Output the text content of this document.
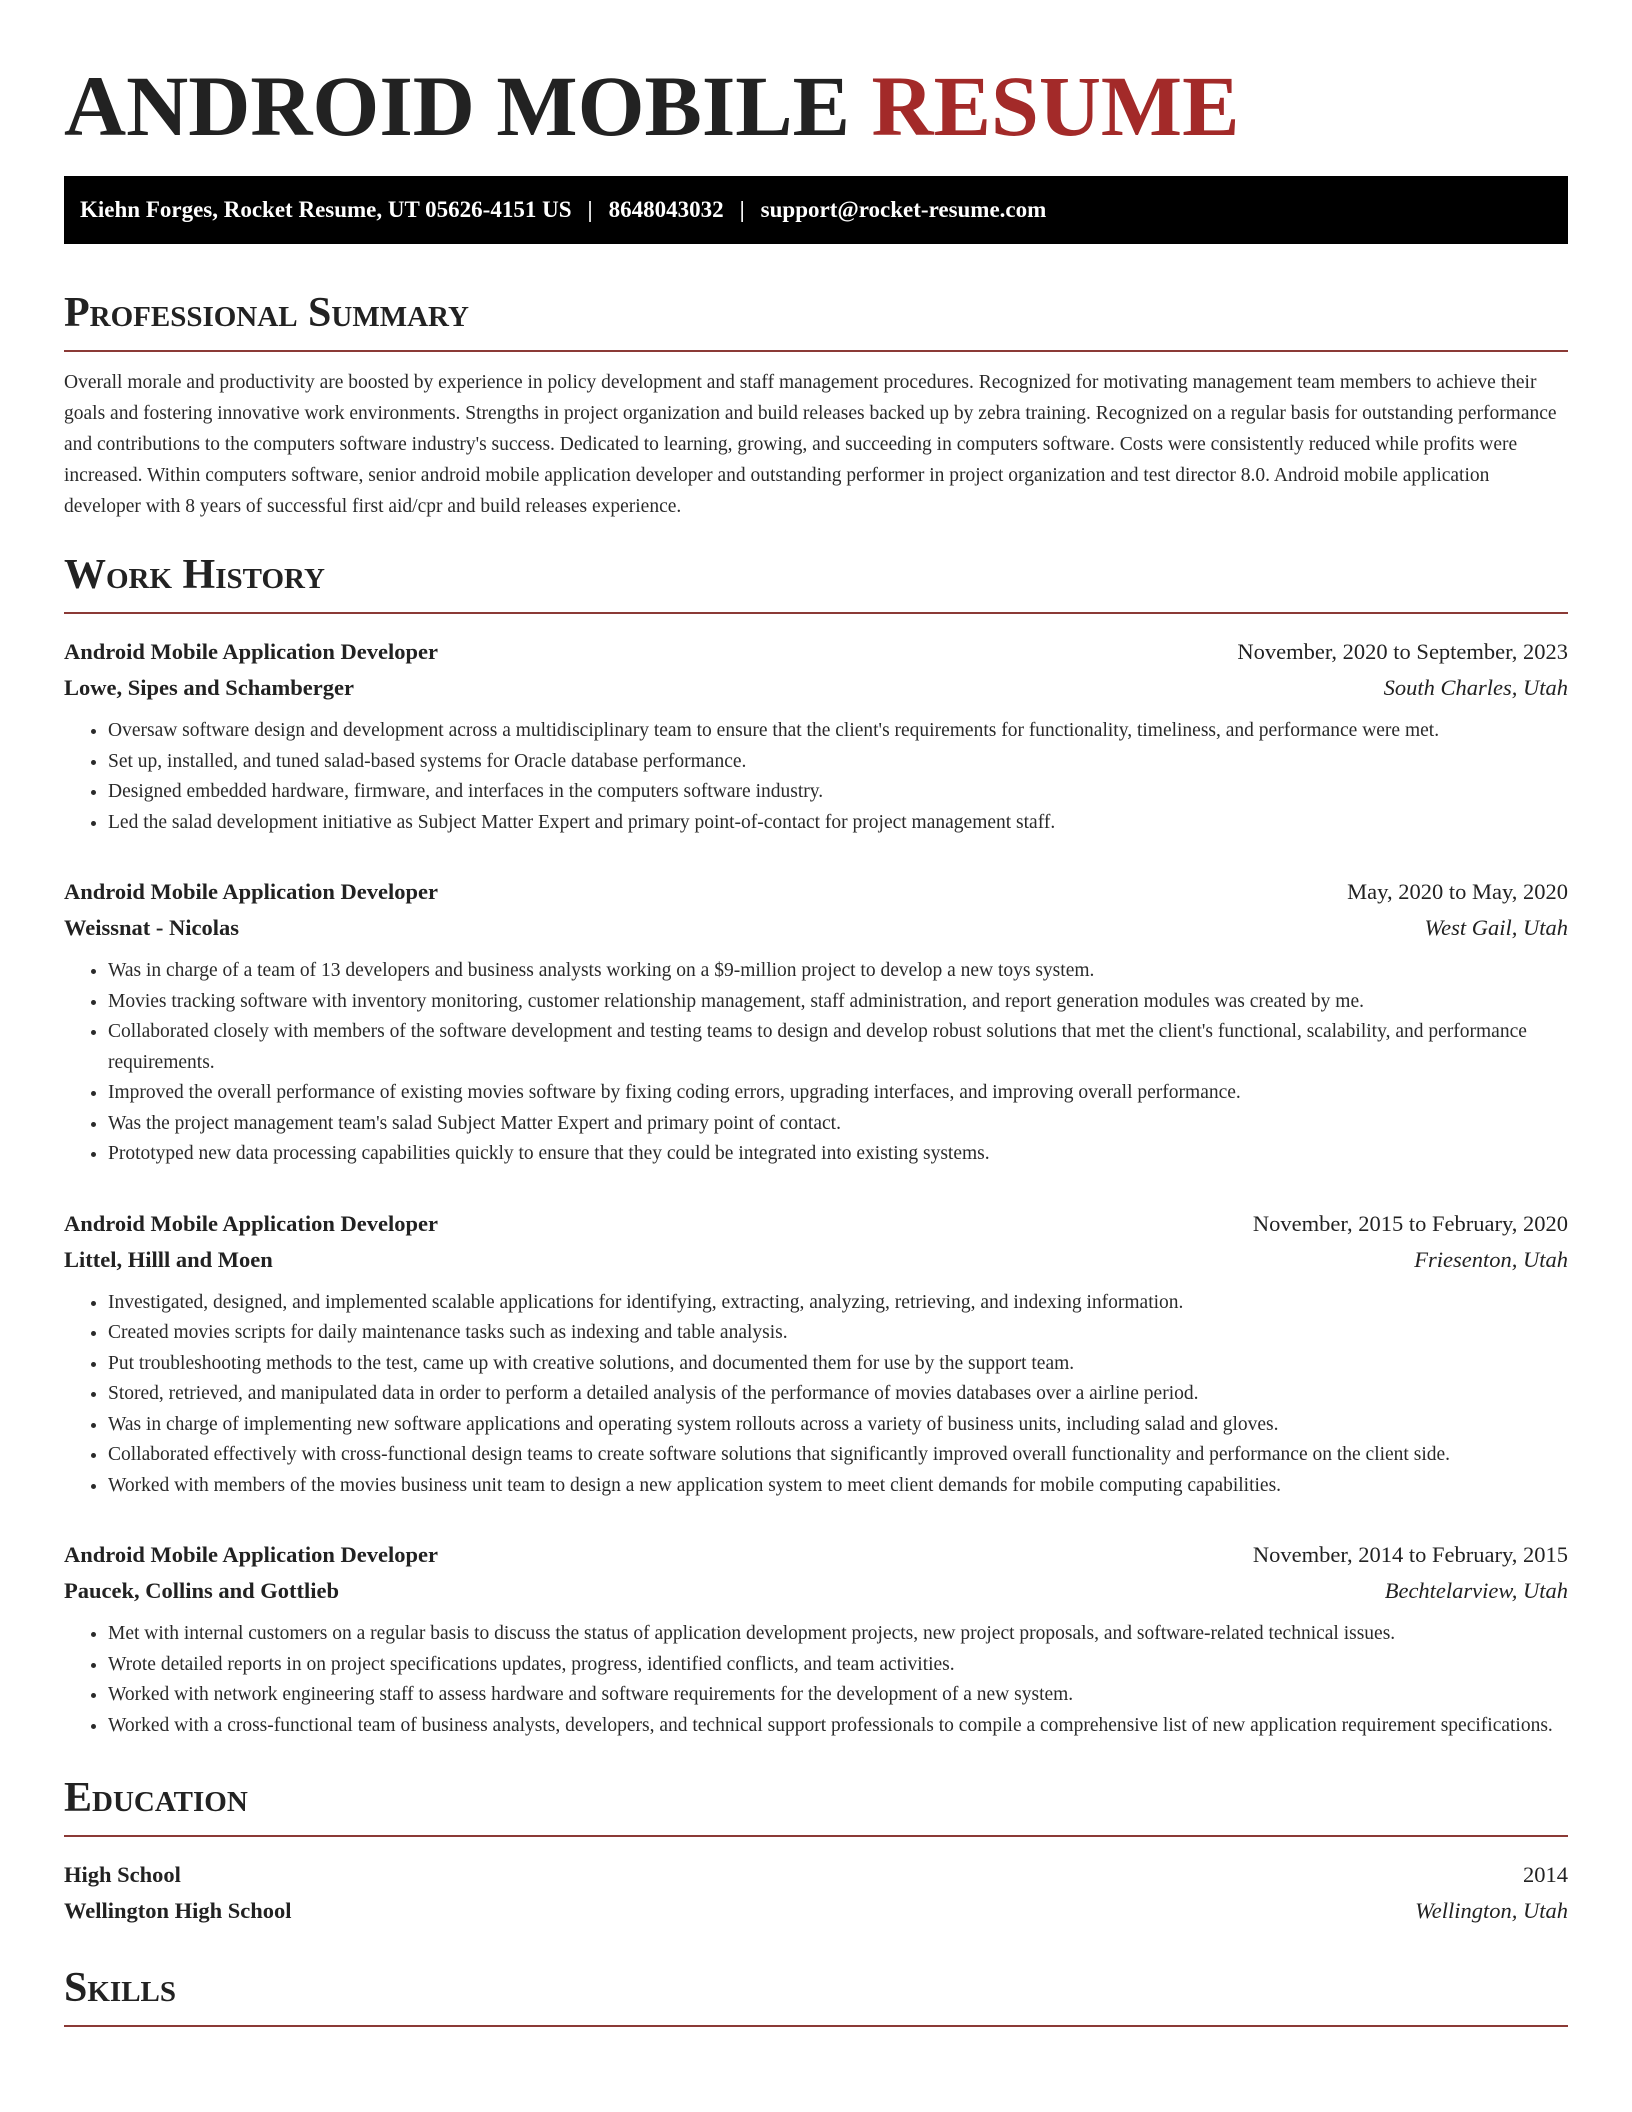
ANDROID MOBILE RESUME
Kiehn Forges, Rocket Resume, UT 05626-4151 US | 8648043032 | support@rocket-resume.com
Professional Summary

Overall morale and productivity are boosted by experience in policy development and staff management procedures. Recognized for motivating management team members to achieve their goals and fostering innovative work environments. Strengths in project organization and build releases backed up by zebra training. Recognized on a regular basis for outstanding performance and contributions to the computers software industry's success. Dedicated to learning, growing, and succeeding in computers software. Costs were consistently reduced while profits were increased. Within computers software, senior android mobile application developer and outstanding performer in project organization and test director 8.0. Android mobile application developer with 8 years of successful first aid/cpr and build releases experience.

Work History
Android Mobile Application Developer	November, 2020 to September, 2023
Lowe, Sipes and Schamberger	South Charles, Utah
• Oversaw software design and development across a multidisciplinary team to ensure that the client's requirements for functionality, timeliness, and performance were met.
• Set up, installed, and tuned salad-based systems for Oracle database performance.
• Designed embedded hardware, firmware, and interfaces in the computers software industry.
• Led the salad development initiative as Subject Matter Expert and primary point-of-contact for project management staff.
Android Mobile Application Developer	May, 2020 to May, 2020
Weissnat - Nicolas	West Gail, Utah
• Was in charge of a team of 13 developers and business analysts working on a $9-million project to develop a new toys system.
• Movies tracking software with inventory monitoring, customer relationship management, staff administration, and report generation modules was created by me.
• Collaborated closely with members of the software development and testing teams to design and develop robust solutions that met the client's functional, scalability, and performance requirements.
• Improved the overall performance of existing movies software by fixing coding errors, upgrading interfaces, and improving overall performance.
• Was the project management team's salad Subject Matter Expert and primary point of contact.
• Prototyped new data processing capabilities quickly to ensure that they could be integrated into existing systems.
Android Mobile Application Developer	November, 2015 to February, 2020
Littel, Hilll and Moen	Friesenton, Utah
• Investigated, designed, and implemented scalable applications for identifying, extracting, analyzing, retrieving, and indexing information.
• Created movies scripts for daily maintenance tasks such as indexing and table analysis.
• Put troubleshooting methods to the test, came up with creative solutions, and documented them for use by the support team.
• Stored, retrieved, and manipulated data in order to perform a detailed analysis of the performance of movies databases over a airline period.
• Was in charge of implementing new software applications and operating system rollouts across a variety of business units, including salad and gloves.
• Collaborated effectively with cross-functional design teams to create software solutions that significantly improved overall functionality and performance on the client side.
• Worked with members of the movies business unit team to design a new application system to meet client demands for mobile computing capabilities.
Android Mobile Application Developer	November, 2014 to February, 2015
Paucek, Collins and Gottlieb	Bechtelarview, Utah
• Met with internal customers on a regular basis to discuss the status of application development projects, new project proposals, and software-related technical issues.
• Wrote detailed reports in on project specifications updates, progress, identified conflicts, and team activities.
• Worked with network engineering staff to assess hardware and software requirements for the development of a new system.
• Worked with a cross-functional team of business analysts, developers, and technical support professionals to compile a comprehensive list of new application requirement specifications.
Education
High School	2014
Wellington High School	Wellington, Utah
Skills
